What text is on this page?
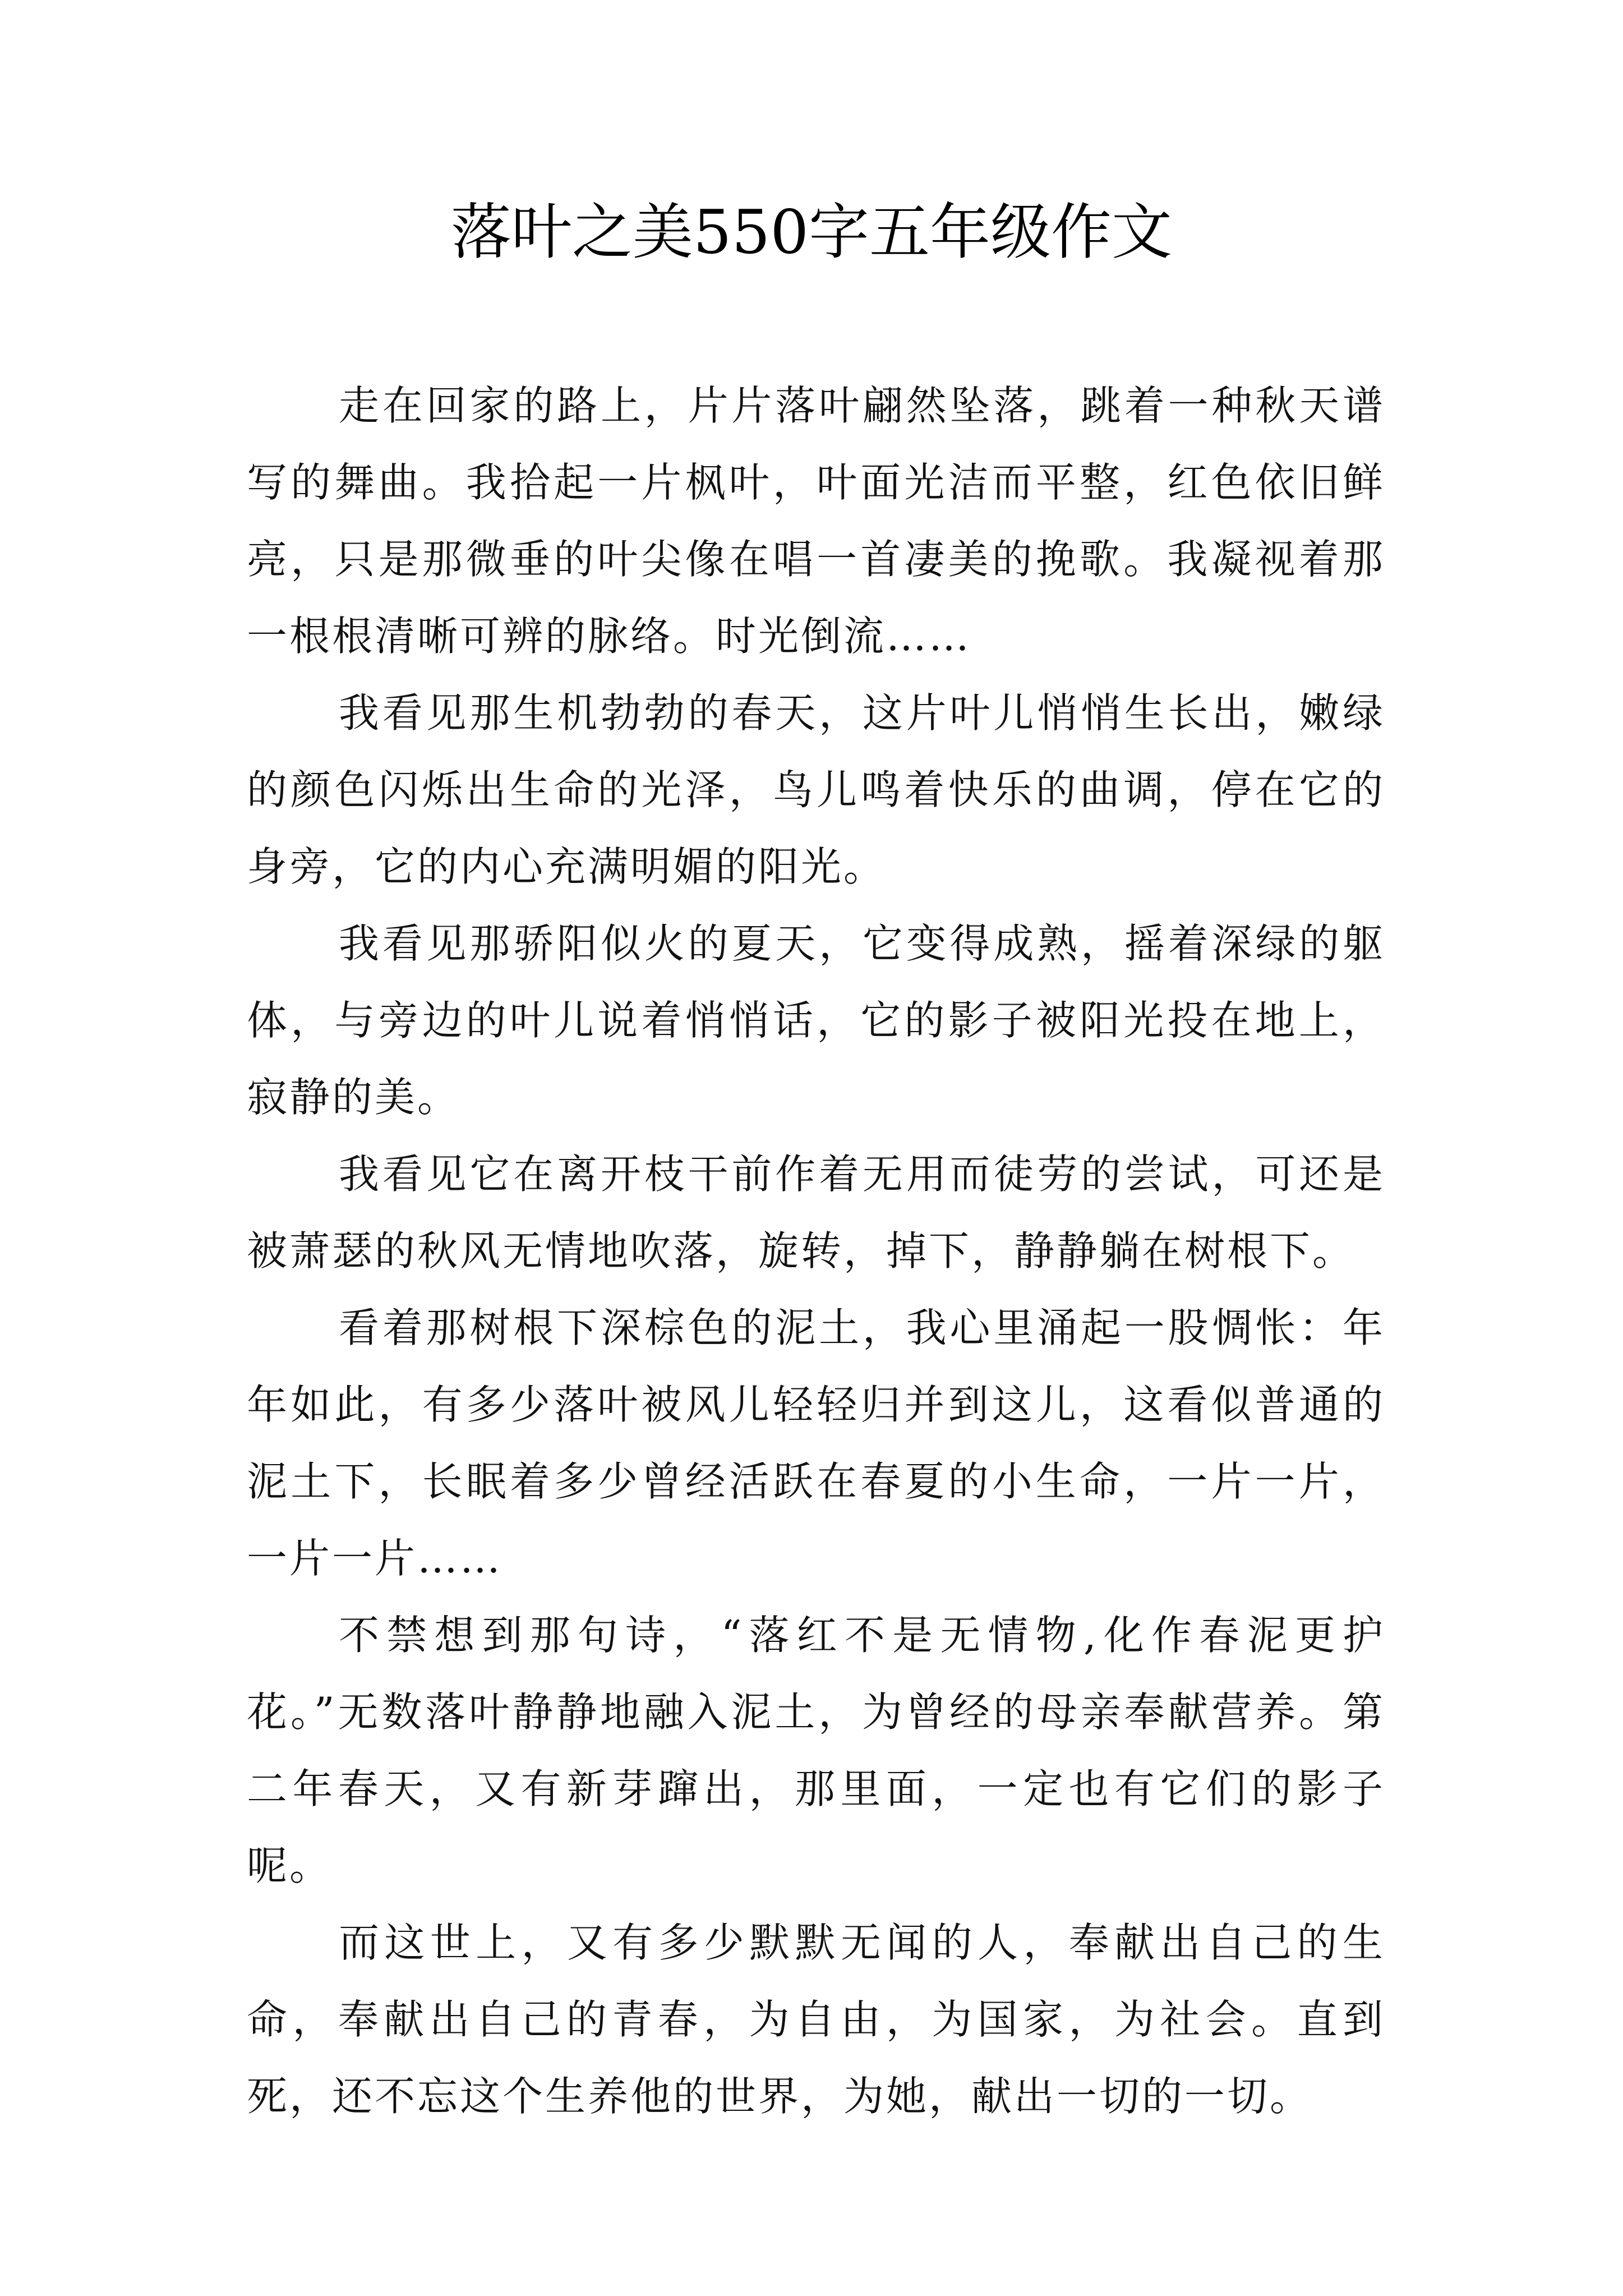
落叶之美550字五年级作文

走在回家的路上，片片落叶翩然坠落，跳着一种秋天谱写的舞曲。我拾起一片枫叶，叶面光洁而平整，红色依旧鲜亮，只是那微垂的叶尖像在唱一首凄美的挽歌。我凝视着那一根根清晰可辨的脉络。时光倒流……

我看见那生机勃勃的春天，这片叶儿悄悄生长出，嫩绿的颜色闪烁出生命的光泽，鸟儿鸣着快乐的曲调，停在它的身旁，它的内心充满明媚的阳光。

我看见那骄阳似火的夏天，它变得成熟，摇着深绿的躯体，与旁边的叶儿说着悄悄话，它的影子被阳光投在地上，寂静的美。

我看见它在离开枝干前作着无用而徒劳的尝试，可还是被萧瑟的秋风无情地吹落，旋转，掉下，静静躺在树根下。

看着那树根下深棕色的泥土，我心里涌起一股惆怅：年年如此，有多少落叶被风儿轻轻归并到这儿，这看似普通的泥土下，长眠着多少曾经活跃在春夏的小生命，一片一片，一片一片……

不禁想到那句诗，“落红不是无情物,化作春泥更护花。”无数落叶静静地融入泥土，为曾经的母亲奉献营养。第二年春天，又有新芽蹿出，那里面，一定也有它们的影子呢。

而这世上，又有多少默默无闻的人，奉献出自己的生命，奉献出自己的青春，为自由，为国家，为社会。直到死，还不忘这个生养他的世界，为她，献出一切的一切。
